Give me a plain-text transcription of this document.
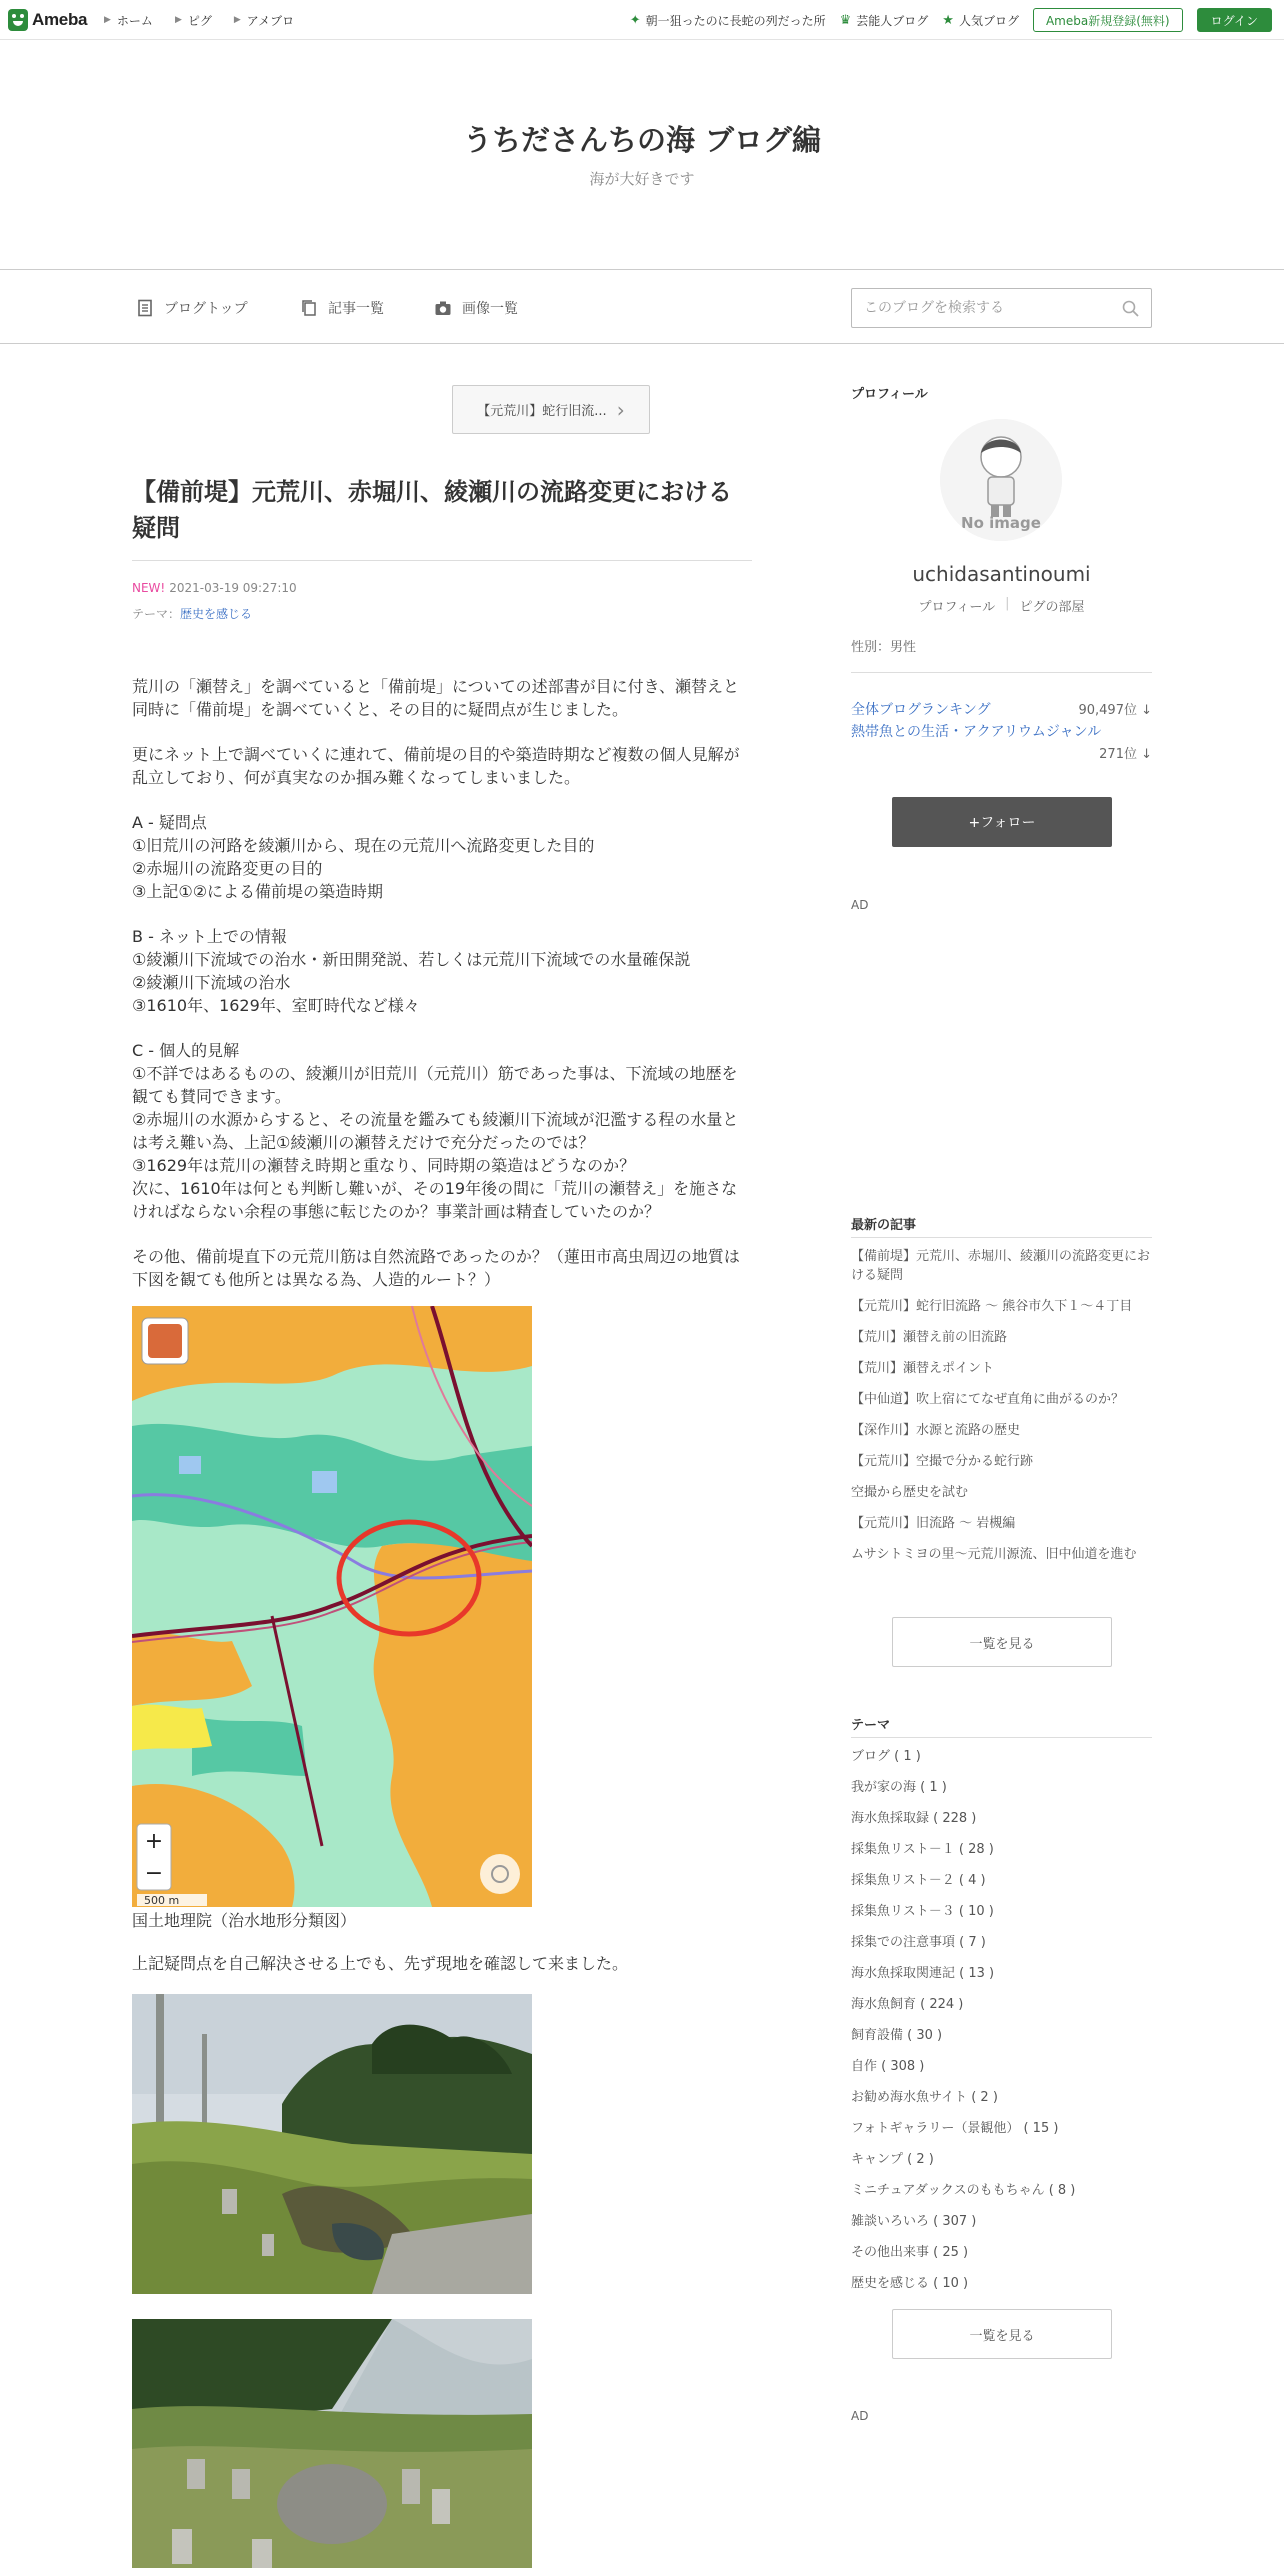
Ameba ▶ ホーム ▶ ピグ ▶ アメブロ	✦ 朝一狙ったのに長蛇の列だった所 ♛ 芸能人ブログ ★ 人気ブログ	Ameba新規登録(無料)	ログイン
うちださんちの海 ブログ編
海が大好きです
ブログトップ	記事一覧	画像一覧
このブログを検索する
【元荒川】蛇行旧流... ›
【備前堤】元荒川、赤堀川、綾瀬川の流路変更における疑問
NEW! 2021-03-19 09:27:10
テーマ：歴史を感じる

荒川の「瀬替え」を調べていると「備前堤」についての述部書が目に付き、瀬替えと同時に「備前堤」を調べていくと、その目的に疑問点が生じました。

更にネット上で調べていくに連れて、備前堤の目的や築造時期など複数の個人見解が乱立しており、何が真実なのか掴み難くなってしまいました。

A - 疑問点
①旧荒川の河路を綾瀬川から、現在の元荒川へ流路変更した目的
②赤堀川の流路変更の目的
③上記①②による備前堤の築造時期

B - ネット上での情報
①綾瀬川下流域での治水・新田開発説、若しくは元荒川下流域での水量確保説
②綾瀬川下流域の治水
③1610年、1629年、室町時代など様々

C - 個人的見解
①不詳ではあるものの、綾瀬川が旧荒川（元荒川）筋であった事は、下流域の地歴を観ても賛同できます。
②赤堀川の水源からすると、その流量を鑑みても綾瀬川下流域が氾濫する程の水量とは考え難い為、上記①綾瀬川の瀬替えだけで充分だったのでは？
③1629年は荒川の瀬替え時期と重なり、同時期の築造はどうなのか？
次に、1610年は何とも判断し難いが、その19年後の間に「荒川の瀬替え」を施さなければならない余程の事態に転じたのか？事業計画は精査していたのか？

その他、備前堤直下の元荒川筋は自然流路であったのか？（蓮田市高虫周辺の地質は下図を観ても他所とは異なる為、人造的ルート？）

+
−
500 m
国土地理院（治水地形分類図）
上記疑問点を自己解決させる上でも、先ず現地を確認して来ました。
プロフィール
No image
uchidasantinoumi
プロフィール | ピグの部屋
性別：男性
全体ブログランキング	90,497位 ↓
熱帯魚との生活・アクアリウムジャンル
271位 ↓
+フォロー
AD
最新の記事
【備前堤】元荒川、赤堀川、綾瀬川の流路変更における疑問
【元荒川】蛇行旧流路 〜 熊谷市久下１〜４丁目
【荒川】瀬替え前の旧流路
【荒川】瀬替えポイント
【中仙道】吹上宿にてなぜ直角に曲がるのか？
【深作川】水源と流路の歴史
【元荒川】空撮で分かる蛇行跡
空撮から歴史を試む
【元荒川】旧流路 〜 岩槻編
ムサシトミヨの里〜元荒川源流、旧中仙道を進む
一覧を見る
テーマ
ブログ ( 1 )
我が家の海 ( 1 )
海水魚採取録 ( 228 )
採集魚リスト－１ ( 28 )
採集魚リスト－２ ( 4 )
採集魚リスト－３ ( 10 )
採集での注意事項 ( 7 )
海水魚採取関連記 ( 13 )
海水魚飼育 ( 224 )
飼育設備 ( 30 )
自作 ( 308 )
お勧め海水魚サイト ( 2 )
フォトギャラリー（景観他） ( 15 )
キャンプ ( 2 )
ミニチュアダックスのももちゃん ( 8 )
雑談いろいろ ( 307 )
その他出来事 ( 25 )
歴史を感じる ( 10 )
一覧を見る
AD
